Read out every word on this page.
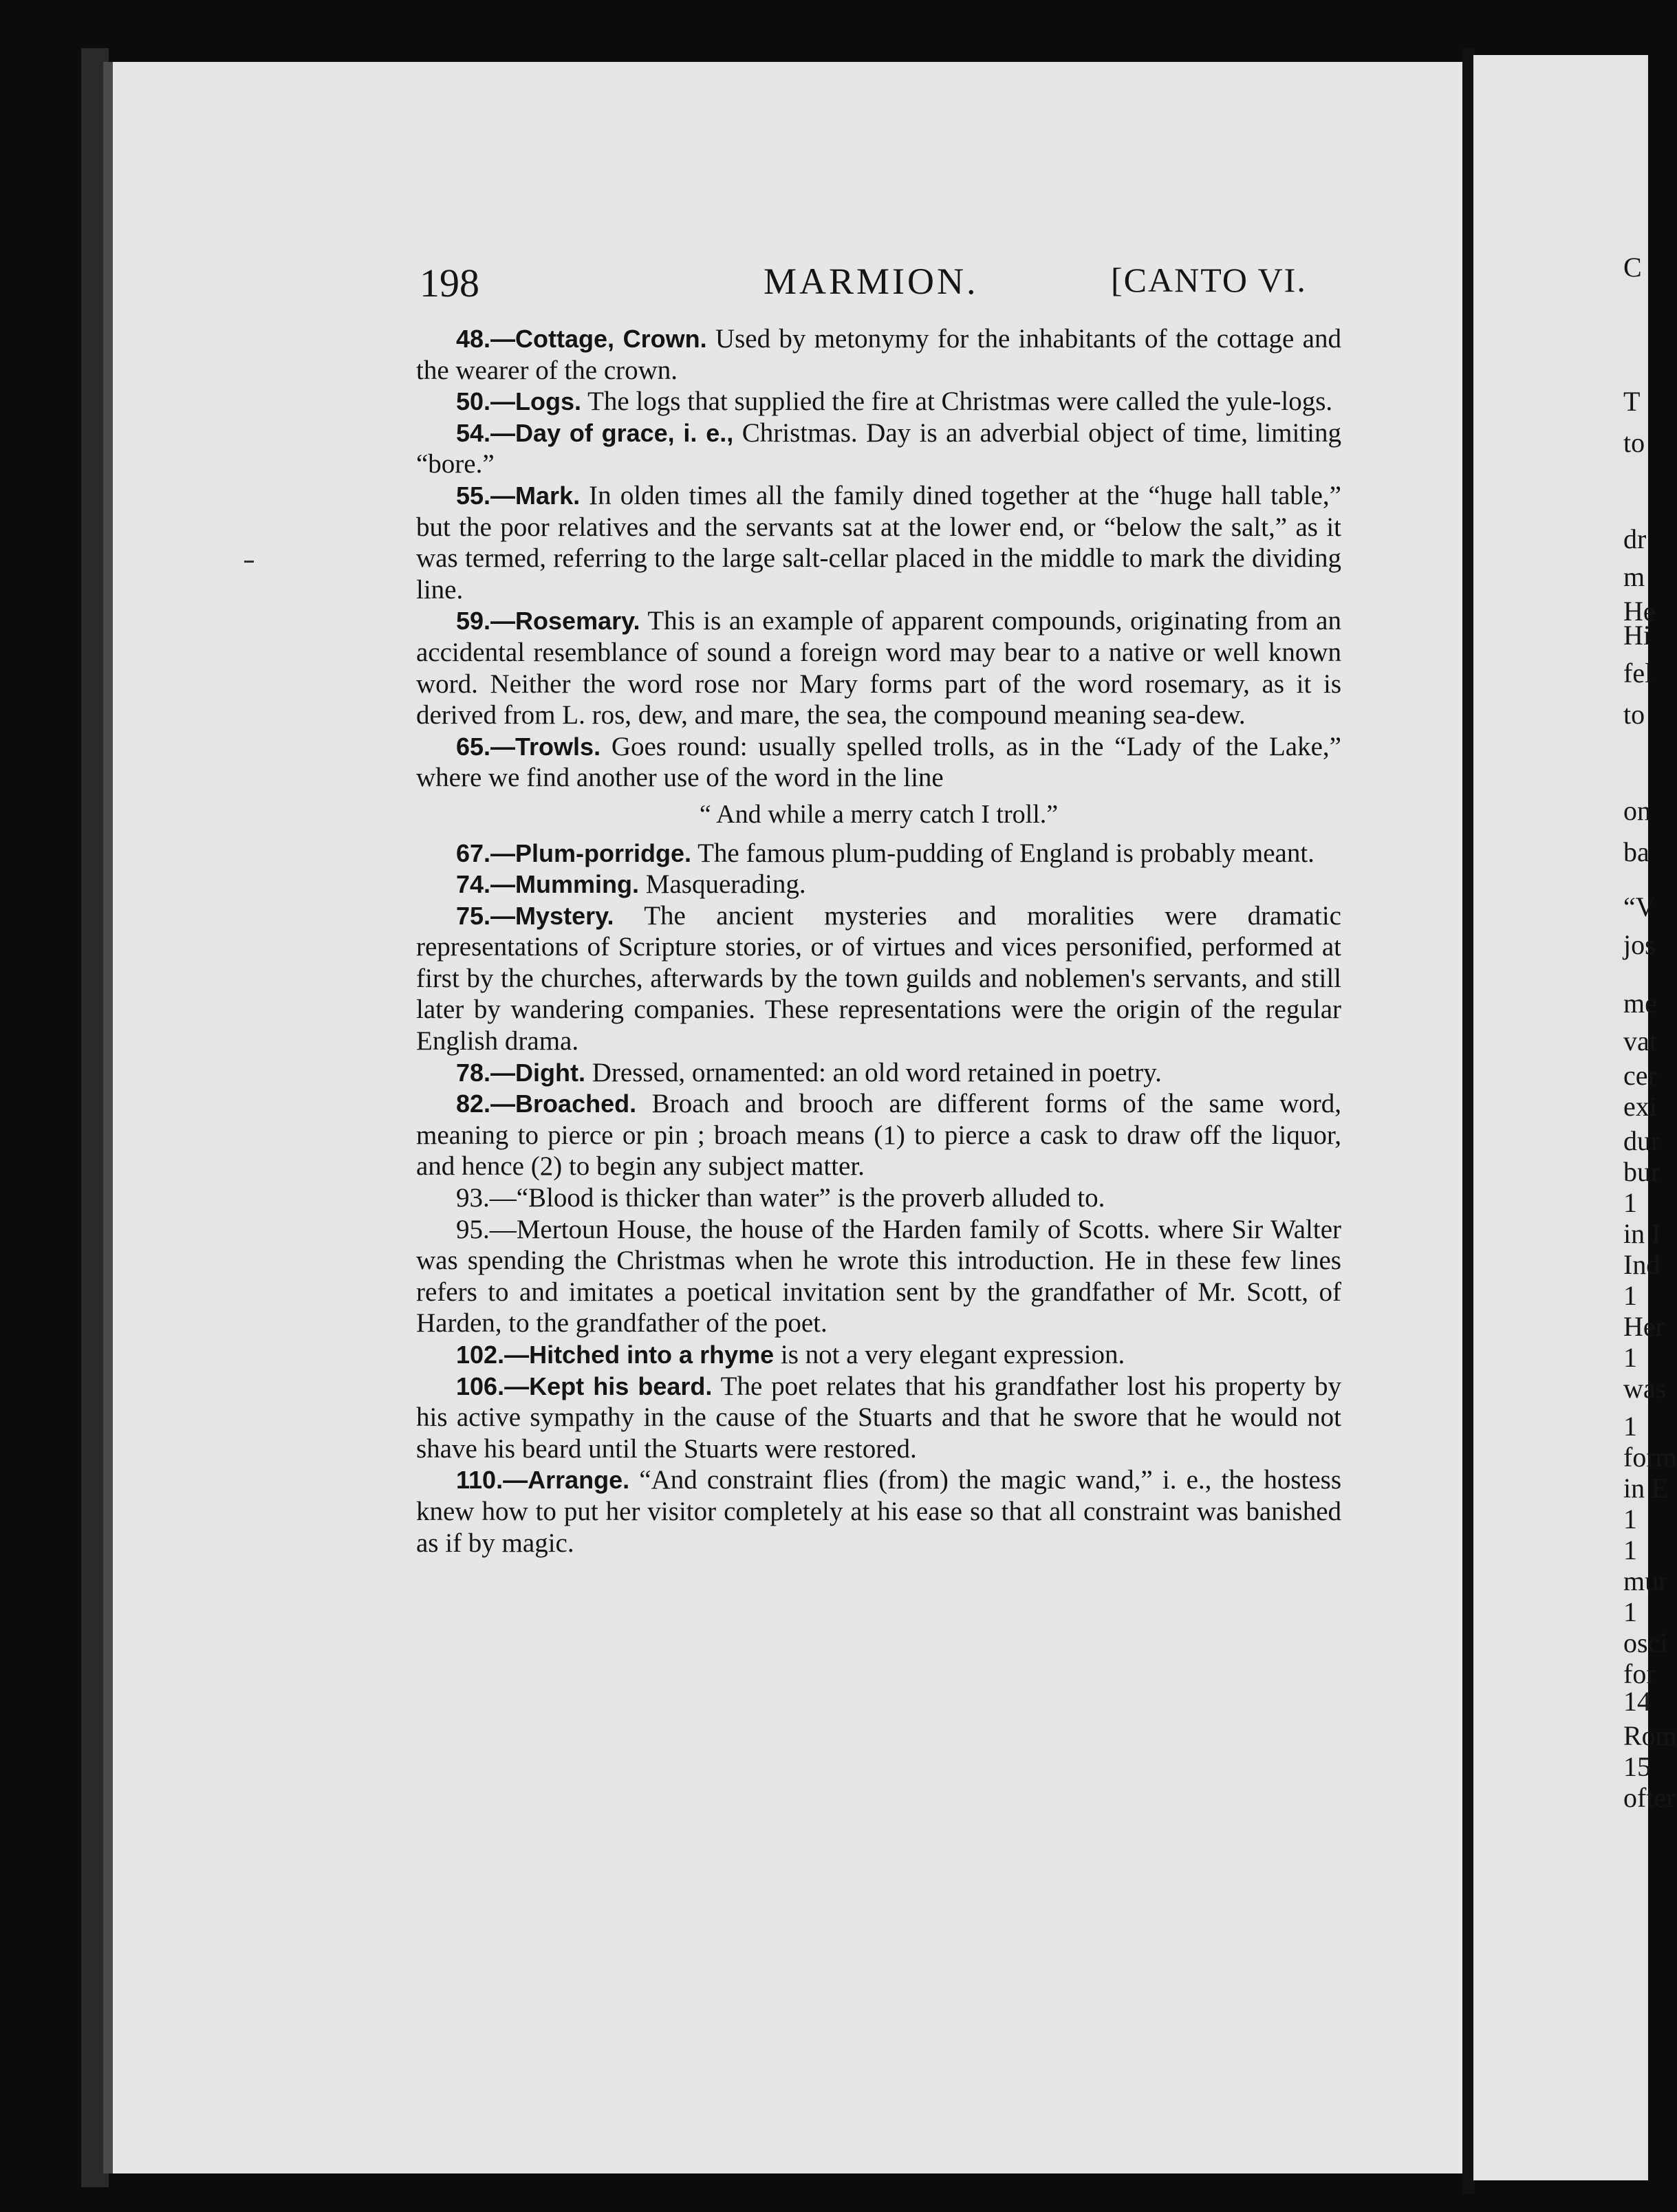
198	MARMION.	[CANTO VI.

48.—Cottage, Crown. Used by metonymy for the inhabitants of the cottage and the wearer of the crown.

50.—Logs. The logs that supplied the fire at Christmas were called the yule-logs.

54.—Day of grace, i. e., Christmas. Day is an adverbial object of time, limiting “bore.”

55.—Mark. In olden times all the family dined together at the “huge hall table,” but the poor relatives and the servants sat at the lower end, or “below the salt,” as it was termed, referring to the large salt-cellar placed in the middle to mark the dividing line.

59.—Rosemary. This is an example of apparent compounds, originating from an accidental resemblance of sound a foreign word may bear to a native or well known word. Neither the word rose nor Mary forms part of the word rosemary, as it is derived from L. ros, dew, and mare, the sea, the compound meaning sea-dew.

65.—Trowls. Goes round: usually spelled trolls, as in the “Lady of the Lake,” where we find another use of the word in the line

“ And while a merry catch I troll.”

67.—Plum-porridge. The famous plum-pudding of England is probably meant.

74.—Mumming. Masquerading.

75.—Mystery. The ancient mysteries and moralities were dramatic representations of Scripture stories, or of virtues and vices personified, performed at first by the churches, afterwards by the town guilds and noblemen's servants, and still later by wandering companies. These representations were the origin of the regular English drama.

78.—Dight. Dressed, ornamented: an old word retained in poetry.

82.—Broached. Broach and brooch are different forms of the same word, meaning to pierce or pin ; broach means (1) to pierce a cask to draw off the liquor, and hence (2) to begin any subject matter.

93.—“Blood is thicker than water” is the proverb alluded to.

95.—Mertoun House, the house of the Harden family of Scotts. where Sir Walter was spending the Christmas when he wrote this introduction. He in these few lines refers to and imitates a poetical invitation sent by the grandfather of Mr. Scott, of Harden, to the grandfather of the poet.

102.—Hitched into a rhyme is not a very elegant expression.

106.—Kept his beard. The poet relates that his grandfather lost his property by his active sympathy in the cause of the Stuarts and that he swore that he would not shave his beard until the Stuarts were restored.

110.—Arrange. “And constraint flies (from) the magic wand,” i. e., the hostess knew how to put her visitor completely at his ease so that all constraint was banished as if by magic.

C
T
to
dr
m
He
Hi
fel
to
on
ba
“V
jos
me
vat
cer
exi
dur
bur
1
in I
Ind
1
Her
1
was
1
form
in E
1
1
mur
1
osci
for
14
Rom
15
ofter
